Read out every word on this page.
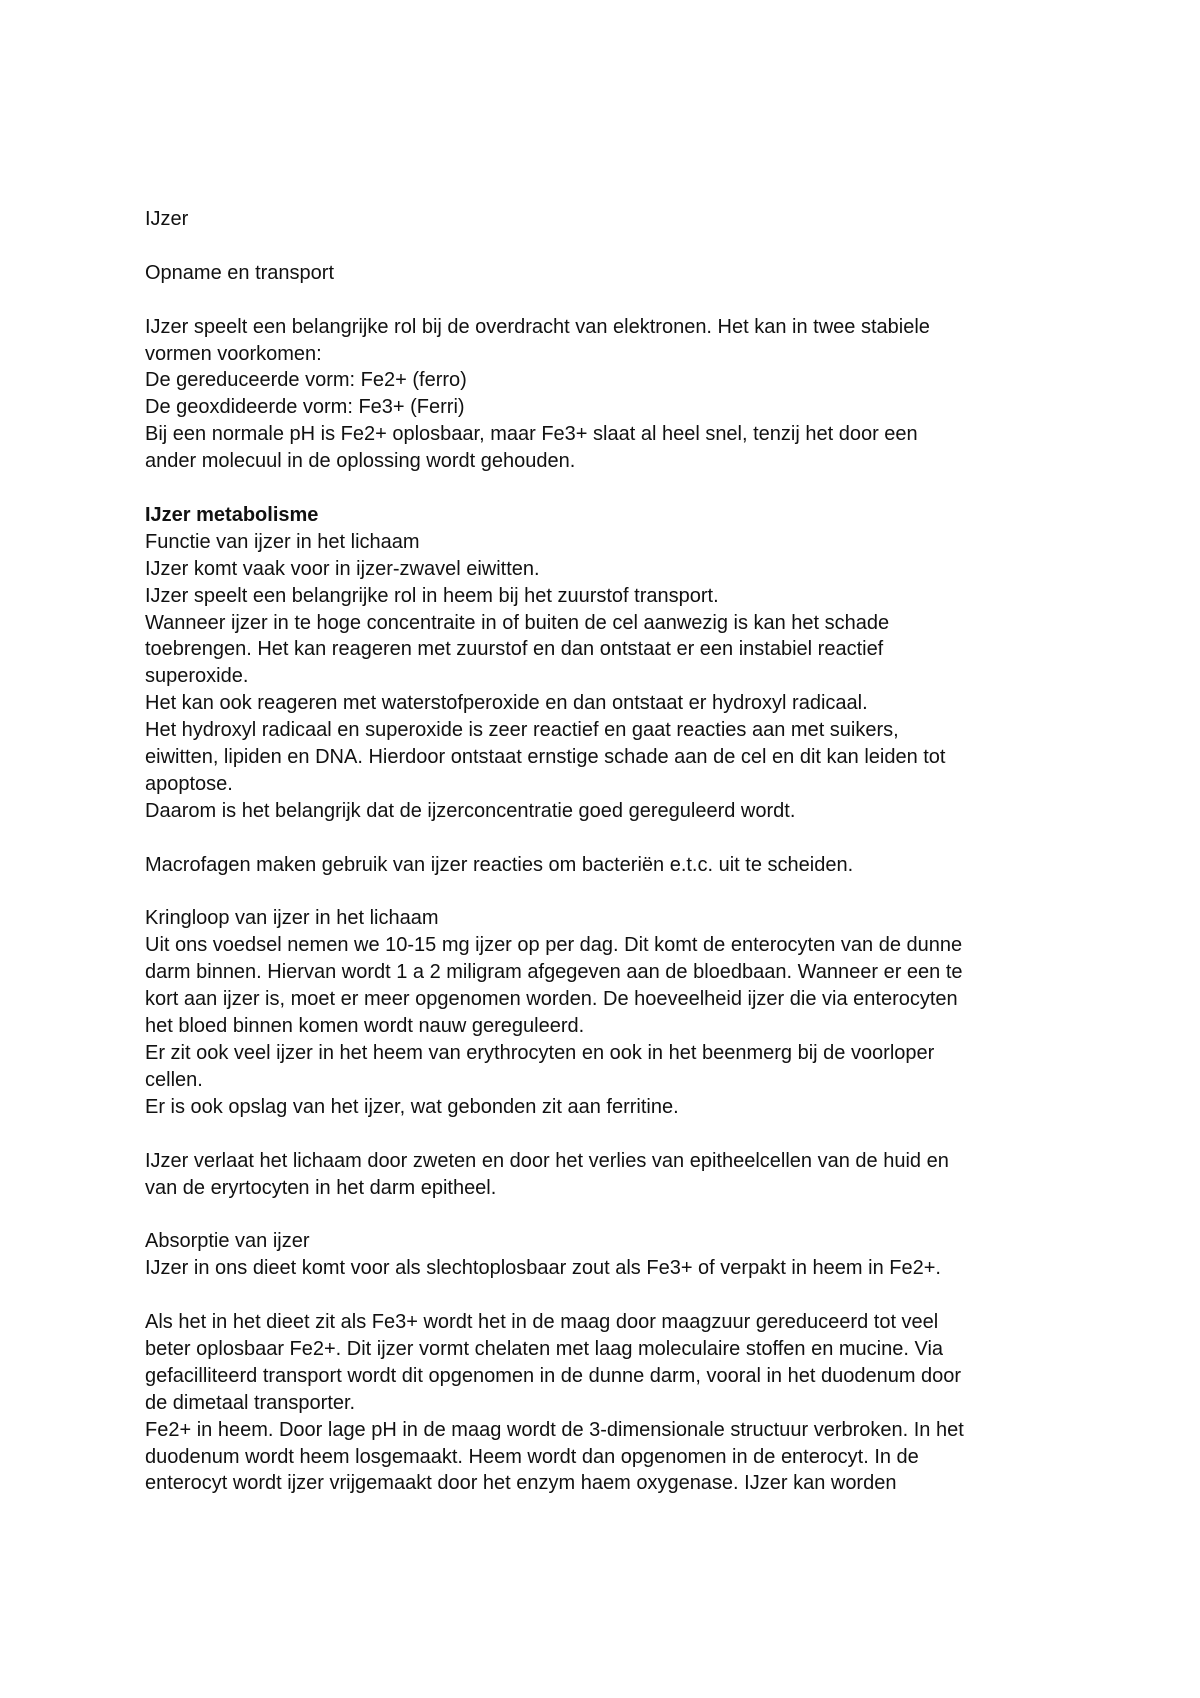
IJzer
Opname en transport
IJzer speelt een belangrijke rol bij de overdracht van elektronen. Het kan in twee stabiele
vormen voorkomen:
De gereduceerde vorm: Fe2+ (ferro)
De geoxdideerde vorm: Fe3+ (Ferri)
Bij een normale pH is Fe2+ oplosbaar, maar Fe3+ slaat al heel snel, tenzij het door een
ander molecuul in de oplossing wordt gehouden.
IJzer metabolisme
Functie van ijzer in het lichaam
IJzer komt vaak voor in ijzer-zwavel eiwitten.
IJzer speelt een belangrijke rol in heem bij het zuurstof transport.
Wanneer ijzer in te hoge concentraite in of buiten de cel aanwezig is kan het schade
toebrengen. Het kan reageren met zuurstof en dan ontstaat er een instabiel reactief
superoxide.
Het kan ook reageren met waterstofperoxide en dan ontstaat er hydroxyl radicaal.
Het hydroxyl radicaal en superoxide is zeer reactief en gaat reacties aan met suikers,
eiwitten, lipiden en DNA. Hierdoor ontstaat ernstige schade aan de cel en dit kan leiden tot
apoptose.
Daarom is het belangrijk dat de ijzerconcentratie goed gereguleerd wordt.
Macrofagen maken gebruik van ijzer reacties om bacteriën e.t.c. uit te scheiden.
Kringloop van ijzer in het lichaam
Uit ons voedsel nemen we 10-15 mg ijzer op per dag. Dit komt de enterocyten van de dunne
darm binnen. Hiervan wordt 1 a 2 miligram afgegeven aan de bloedbaan. Wanneer er een te
kort aan ijzer is, moet er meer opgenomen worden. De hoeveelheid ijzer die via enterocyten
het bloed binnen komen wordt nauw gereguleerd.
Er zit ook veel ijzer in het heem van erythrocyten en ook in het beenmerg bij de voorloper
cellen.
Er is ook opslag van het ijzer, wat gebonden zit aan ferritine.
IJzer verlaat het lichaam door zweten en door het verlies van epitheelcellen van de huid en
van de eryrtocyten in het darm epitheel.
Absorptie van ijzer
IJzer in ons dieet komt voor als slechtoplosbaar zout als Fe3+ of verpakt in heem in Fe2+.
Als het in het dieet zit als Fe3+ wordt het in de maag door maagzuur gereduceerd tot veel
beter oplosbaar Fe2+. Dit ijzer vormt chelaten met laag moleculaire stoffen en mucine. Via
gefacilliteerd transport wordt dit opgenomen in de dunne darm, vooral in het duodenum door
de dimetaal transporter.
Fe2+ in heem. Door lage pH in de maag wordt de 3-dimensionale structuur verbroken. In het
duodenum wordt heem losgemaakt. Heem wordt dan opgenomen in de enterocyt. In de
enterocyt wordt ijzer vrijgemaakt door het enzym haem oxygenase. IJzer kan worden
